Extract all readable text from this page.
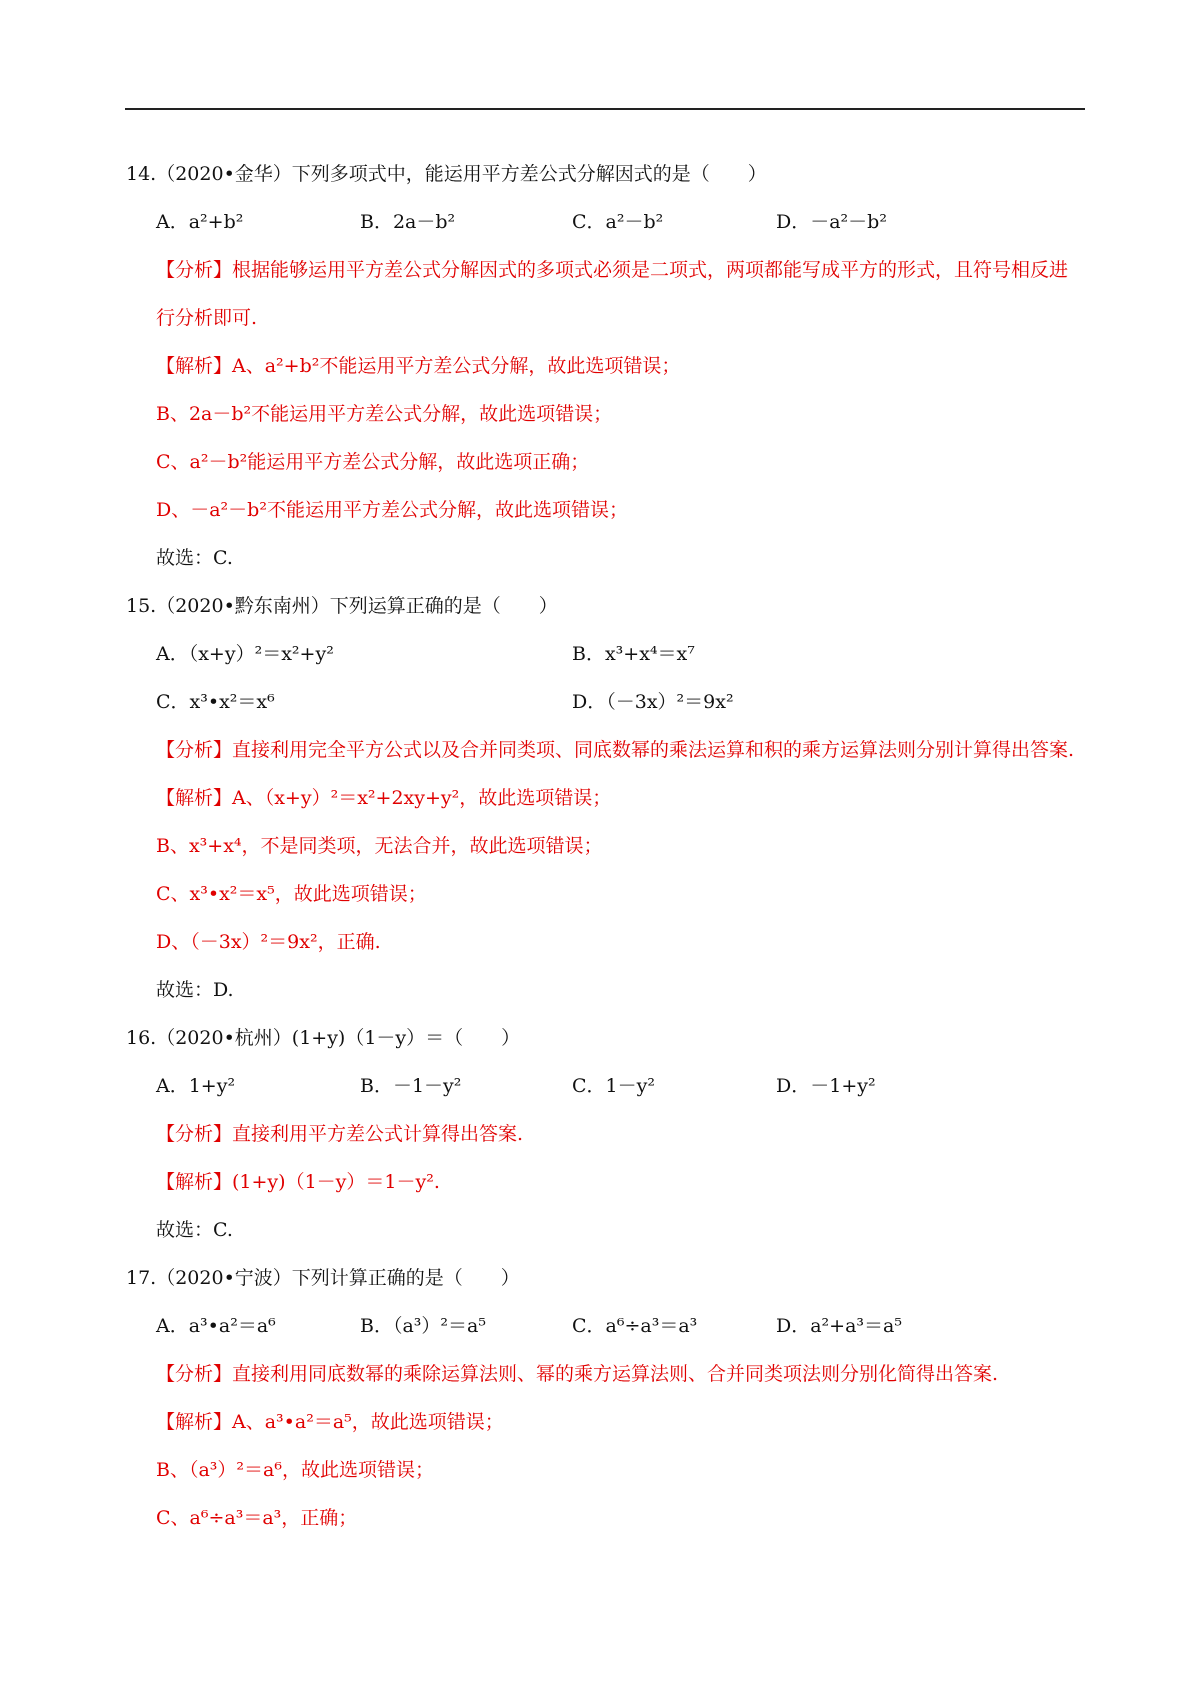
14.（2020•金华）下列多项式中，能运用平方差公式分解因式的是（　　）
A．a²+b²	B．2a－b²	C．a²－b²	D．－a²－b²
【分析】根据能够运用平方差公式分解因式的多项式必须是二项式，两项都能写成平方的形式，且符号相反进行分析即可.
【解析】A、a²+b²不能运用平方差公式分解，故此选项错误；
B、2a－b²不能运用平方差公式分解，故此选项错误；
C、a²－b²能运用平方差公式分解，故此选项正确；
D、－a²－b²不能运用平方差公式分解，故此选项错误；
故选：C.
15.（2020•黔东南州）下列运算正确的是（　　）
A．（x+y）²＝x²+y²	B．x³+x⁴＝x⁷
C．x³•x²＝x⁶	D．（－3x）²＝9x²
【分析】直接利用完全平方公式以及合并同类项、同底数幂的乘法运算和积的乘方运算法则分别计算得出答案.
【解析】A、（x+y）²＝x²+2xy+y²，故此选项错误；
B、x³+x⁴，不是同类项，无法合并，故此选项错误；
C、x³•x²＝x⁵，故此选项错误；
D、（－3x）²＝9x²，正确.
故选：D.
16.（2020•杭州）(1+y)（1－y）＝（　　）
A．1+y²	B．－1－y²	C．1－y²	D．－1+y²
【分析】直接利用平方差公式计算得出答案.
【解析】(1+y)（1－y）＝1－y².
故选：C.
17.（2020•宁波）下列计算正确的是（　　）
A．a³•a²＝a⁶	B．（a³）²＝a⁵	C．a⁶÷a³＝a³	D．a²+a³＝a⁵
【分析】直接利用同底数幂的乘除运算法则、幂的乘方运算法则、合并同类项法则分别化简得出答案.
【解析】A、a³•a²＝a⁵，故此选项错误；
B、（a³）²＝a⁶，故此选项错误；
C、a⁶÷a³＝a³，正确；
